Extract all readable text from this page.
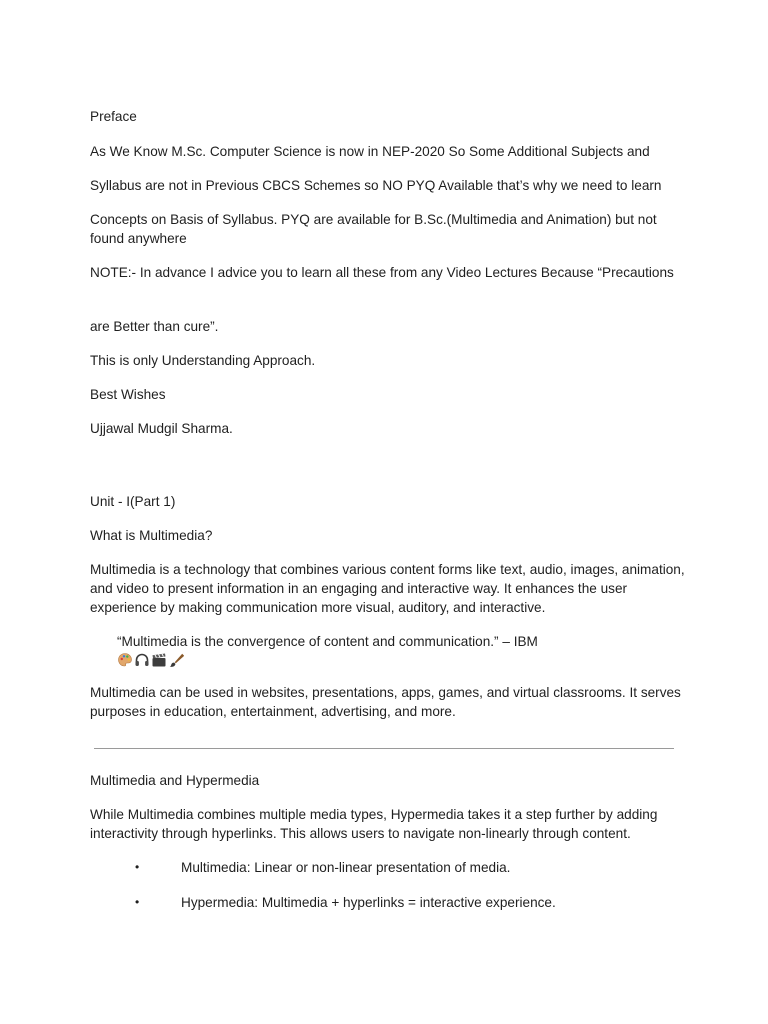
Preface

As We Know M.Sc. Computer Science is now in NEP-2020 So Some Additional Subjects and

Syllabus are not in Previous CBCS Schemes so NO PYQ Available that’s why we need to learn

Concepts on Basis of Syllabus. PYQ are available for B.Sc.(Multimedia and Animation) but not found anywhere

NOTE:- In advance I advice you to learn all these from any Video Lectures Because “Precautions

are Better than cure”.

This is only Understanding Approach.

Best Wishes

Ujjawal Mudgil Sharma.

Unit - I(Part 1)

What is Multimedia?

Multimedia is a technology that combines various content forms like text, audio, images, animation, and video to present information in an engaging and interactive way. It enhances the user experience by making communication more visual, auditory, and interactive.

“Multimedia is the convergence of content and communication.” – IBM

Multimedia can be used in websites, presentations, apps, games, and virtual classrooms. It serves purposes in education, entertainment, advertising, and more.

Multimedia and Hypermedia

While Multimedia combines multiple media types, Hypermedia takes it a step further by adding interactivity through hyperlinks. This allows users to navigate non-linearly through content.

•	Multimedia: Linear or non-linear presentation of media.

•	Hypermedia: Multimedia + hyperlinks = interactive experience.
